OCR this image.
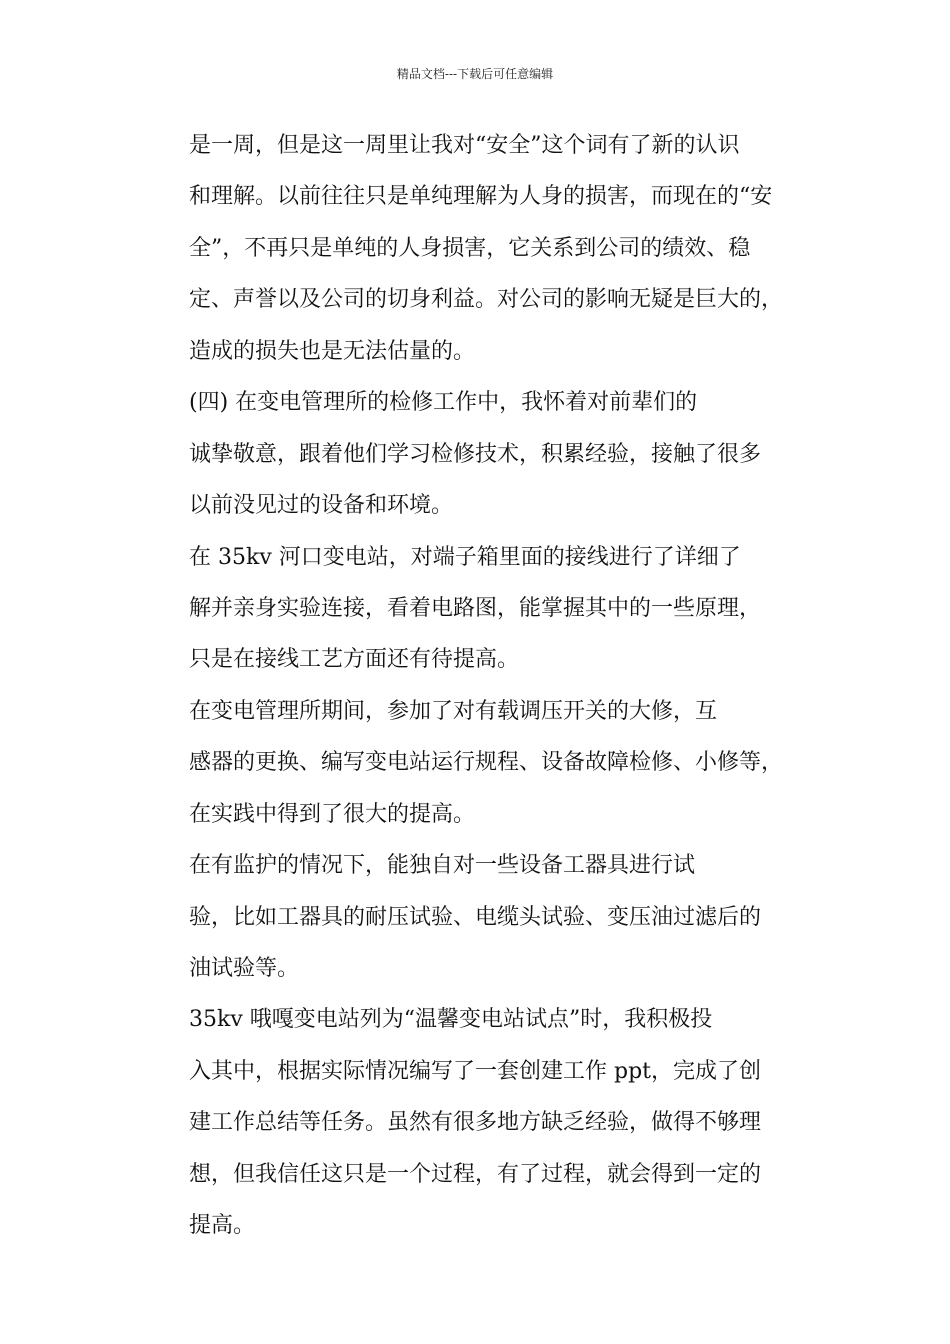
精品文档---下载后可任意编辑
是一周，但是这一周里让我对“安全”这个词有了新的认识
和理解。以前往往只是单纯理解为人身的损害，而现在的“安
全”，不再只是单纯的人身损害，它关系到公司的绩效、稳
定、声誉以及公司的切身利益。对公司的影响无疑是巨大的，
造成的损失也是无法估量的。
(四) 在变电管理所的检修工作中，我怀着对前辈们的
诚挚敬意，跟着他们学习检修技术，积累经验，接触了很多
以前没见过的设备和环境。
在 35kv 河口变电站，对端子箱里面的接线进行了详细了
解并亲身实验连接，看着电路图，能掌握其中的一些原理，
只是在接线工艺方面还有待提高。
在变电管理所期间，参加了对有载调压开关的大修，互
感器的更换、编写变电站运行规程、设备故障检修、小修等，
在实践中得到了很大的提高。
在有监护的情况下，能独自对一些设备工器具进行试
验，比如工器具的耐压试验、电缆头试验、变压油过滤后的
油试验等。
35kv 哦嘎变电站列为“温馨变电站试点”时，我积极投
入其中，根据实际情况编写了一套创建工作 ppt，完成了创
建工作总结等任务。虽然有很多地方缺乏经验，做得不够理
想，但我信任这只是一个过程，有了过程，就会得到一定的
提高。
